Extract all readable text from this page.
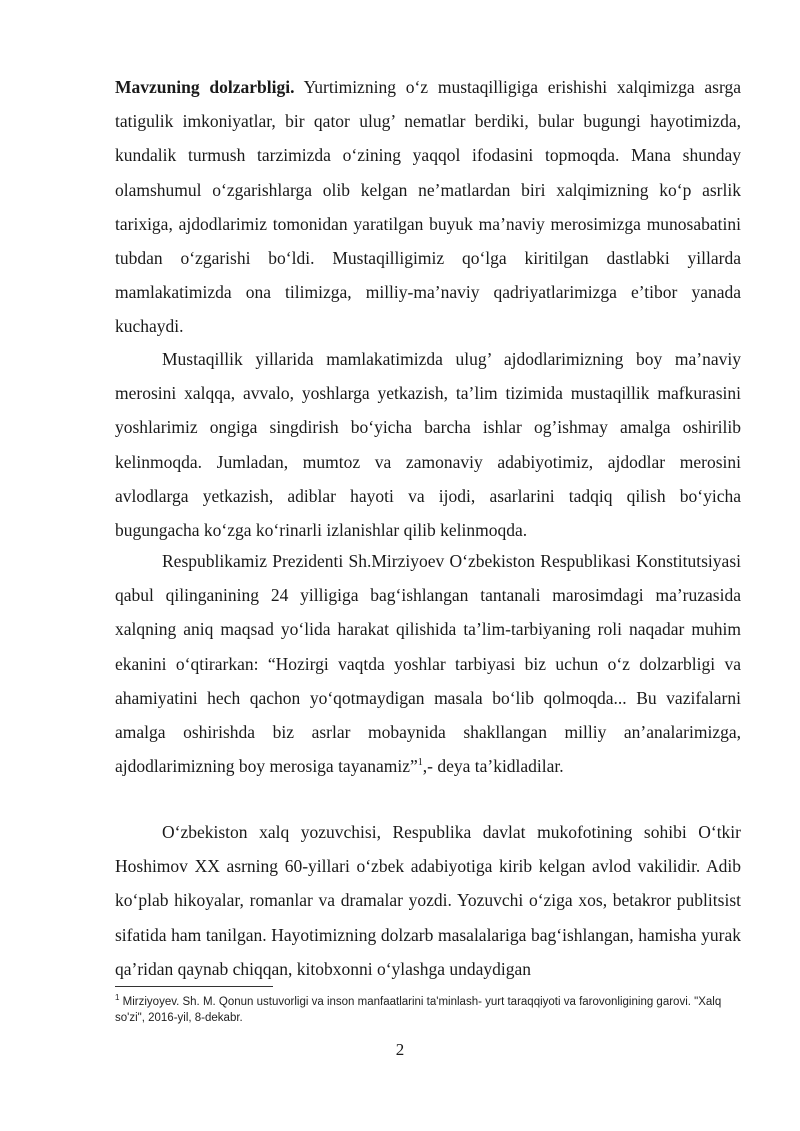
Mavzuning dolzarbligi. Yurtimizning o‘z mustaqilligiga erishishi xalqimizga asrga tatigulik imkoniyatlar, bir qator ulug’ nematlar berdiki, bular bugungi hayotimizda, kundalik turmush tarzimizda o‘zining yaqqol ifodasini topmoqda. Mana shunday olamshumul o‘zgarishlarga olib kelgan ne’matlardan biri xalqimizning ko‘p asrlik tarixiga, ajdodlarimiz tomonidan yaratilgan buyuk ma’naviy merosimizga munosabatini tubdan o‘zgarishi bo‘ldi. Mustaqilligimiz qo‘lga kiritilgan dastlabki yillarda mamlakatimizda ona tilimizga, milliy-ma’naviy qadriyatlarimizga e’tibor yanada kuchaydi.

Mustaqillik yillarida mamlakatimizda ulug’ ajdodlarimizning boy ma’naviy merosini xalqqa, avvalo, yoshlarga yetkazish, ta’lim tizimida mustaqillik mafkurasini yoshlarimiz ongiga singdirish bo‘yicha barcha ishlar og’ishmay amalga oshirilib kelinmoqda. Jumladan, mumtoz va zamonaviy adabiyotimiz, ajdodlar merosini avlodlarga yetkazish, adiblar hayoti va ijodi, asarlarini tadqiq qilish bo‘yicha bugungacha ko‘zga ko‘rinarli izlanishlar qilib kelinmoqda.

Respublikamiz Prezidenti Sh.Mirziyoev O‘zbekiston Respublikasi Konstitutsiyasi qabul qilinganining 24 yilligiga bag‘ishlangan tantanali marosimdagi ma’ruzasida xalqning aniq maqsad yo‘lida harakat qilishida ta’lim-tarbiyaning roli naqadar muhim ekanini o‘qtirarkan: “Hozirgi vaqtda yoshlar tarbiyasi biz uchun o‘z dolzarbligi va ahamiyatini hech qachon yo‘qotmaydigan masala bo‘lib qolmoqda... Bu vazifalarni amalga oshirishda biz asrlar mobaynida shakllangan milliy an’analarimizga, ajdodlarimizning boy merosiga tayanamiz”$^1$,- deya ta’kidladilar.

O‘zbekiston xalq yozuvchisi, Respublika davlat mukofotining sohibi O‘tkir Hoshimov XX asrning 60-yillari o‘zbek adabiyotiga kirib kelgan avlod vakilidir. Adib ko‘plab hikoyalar, romanlar va dramalar yozdi. Yozuvchi o‘ziga xos, betakror publitsist sifatida ham tanilgan. Hayotimizning dolzarb masalalariga bag‘ishlangan, hamisha yurak qa’ridan qaynab chiqqan, kitobxonni o‘ylashga undaydigan

$^1$ Mirziyoyev. Sh. M. Qonun ustuvorligi va inson manfaatlarini ta'minlash- yurt taraqqiyoti va farovonligining garovi. "Xalq so'zi", 2016-yil, 8-dekabr.

2
